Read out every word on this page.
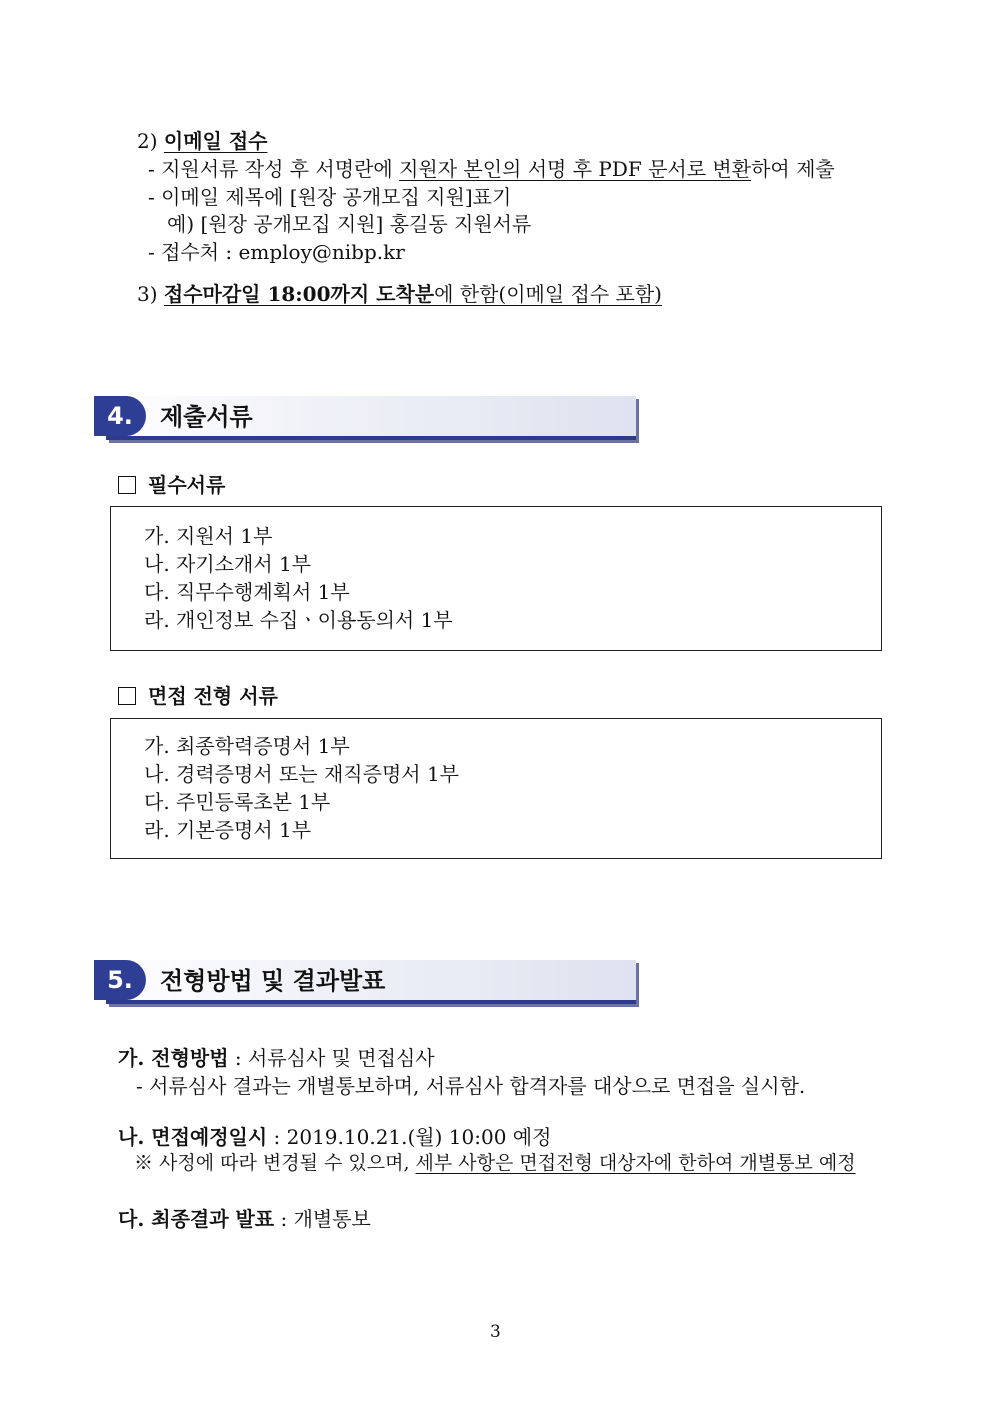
2) 이메일 접수
- 지원서류 작성 후 서명란에 지원자 본인의 서명 후 PDF 문서로 변환하여 제출
- 이메일 제목에 [원장 공개모집 지원]표기
예) [원장 공개모집 지원] 홍길동 지원서류
- 접수처 : employ@nibp.kr
3) 접수마감일 18:00까지 도착분에 한함(이메일 접수 포함)
4.	제출서류
필수서류
가. 지원서 1부
나. 자기소개서 1부
다. 직무수행계획서 1부
라. 개인정보 수집ㆍ이용동의서 1부
면접 전형 서류
가. 최종학력증명서 1부
나. 경력증명서 또는 재직증명서 1부
다. 주민등록초본 1부
라. 기본증명서 1부
5.	전형방법 및 결과발표
가. 전형방법 : 서류심사 및 면접심사
- 서류심사 결과는 개별통보하며, 서류심사 합격자를 대상으로 면접을 실시함.
나. 면접예정일시 : 2019.10.21.(월) 10:00 예정
※ 사정에 따라 변경될 수 있으며, 세부 사항은 면접전형 대상자에 한하여 개별통보 예정
다. 최종결과 발표 : 개별통보
3
